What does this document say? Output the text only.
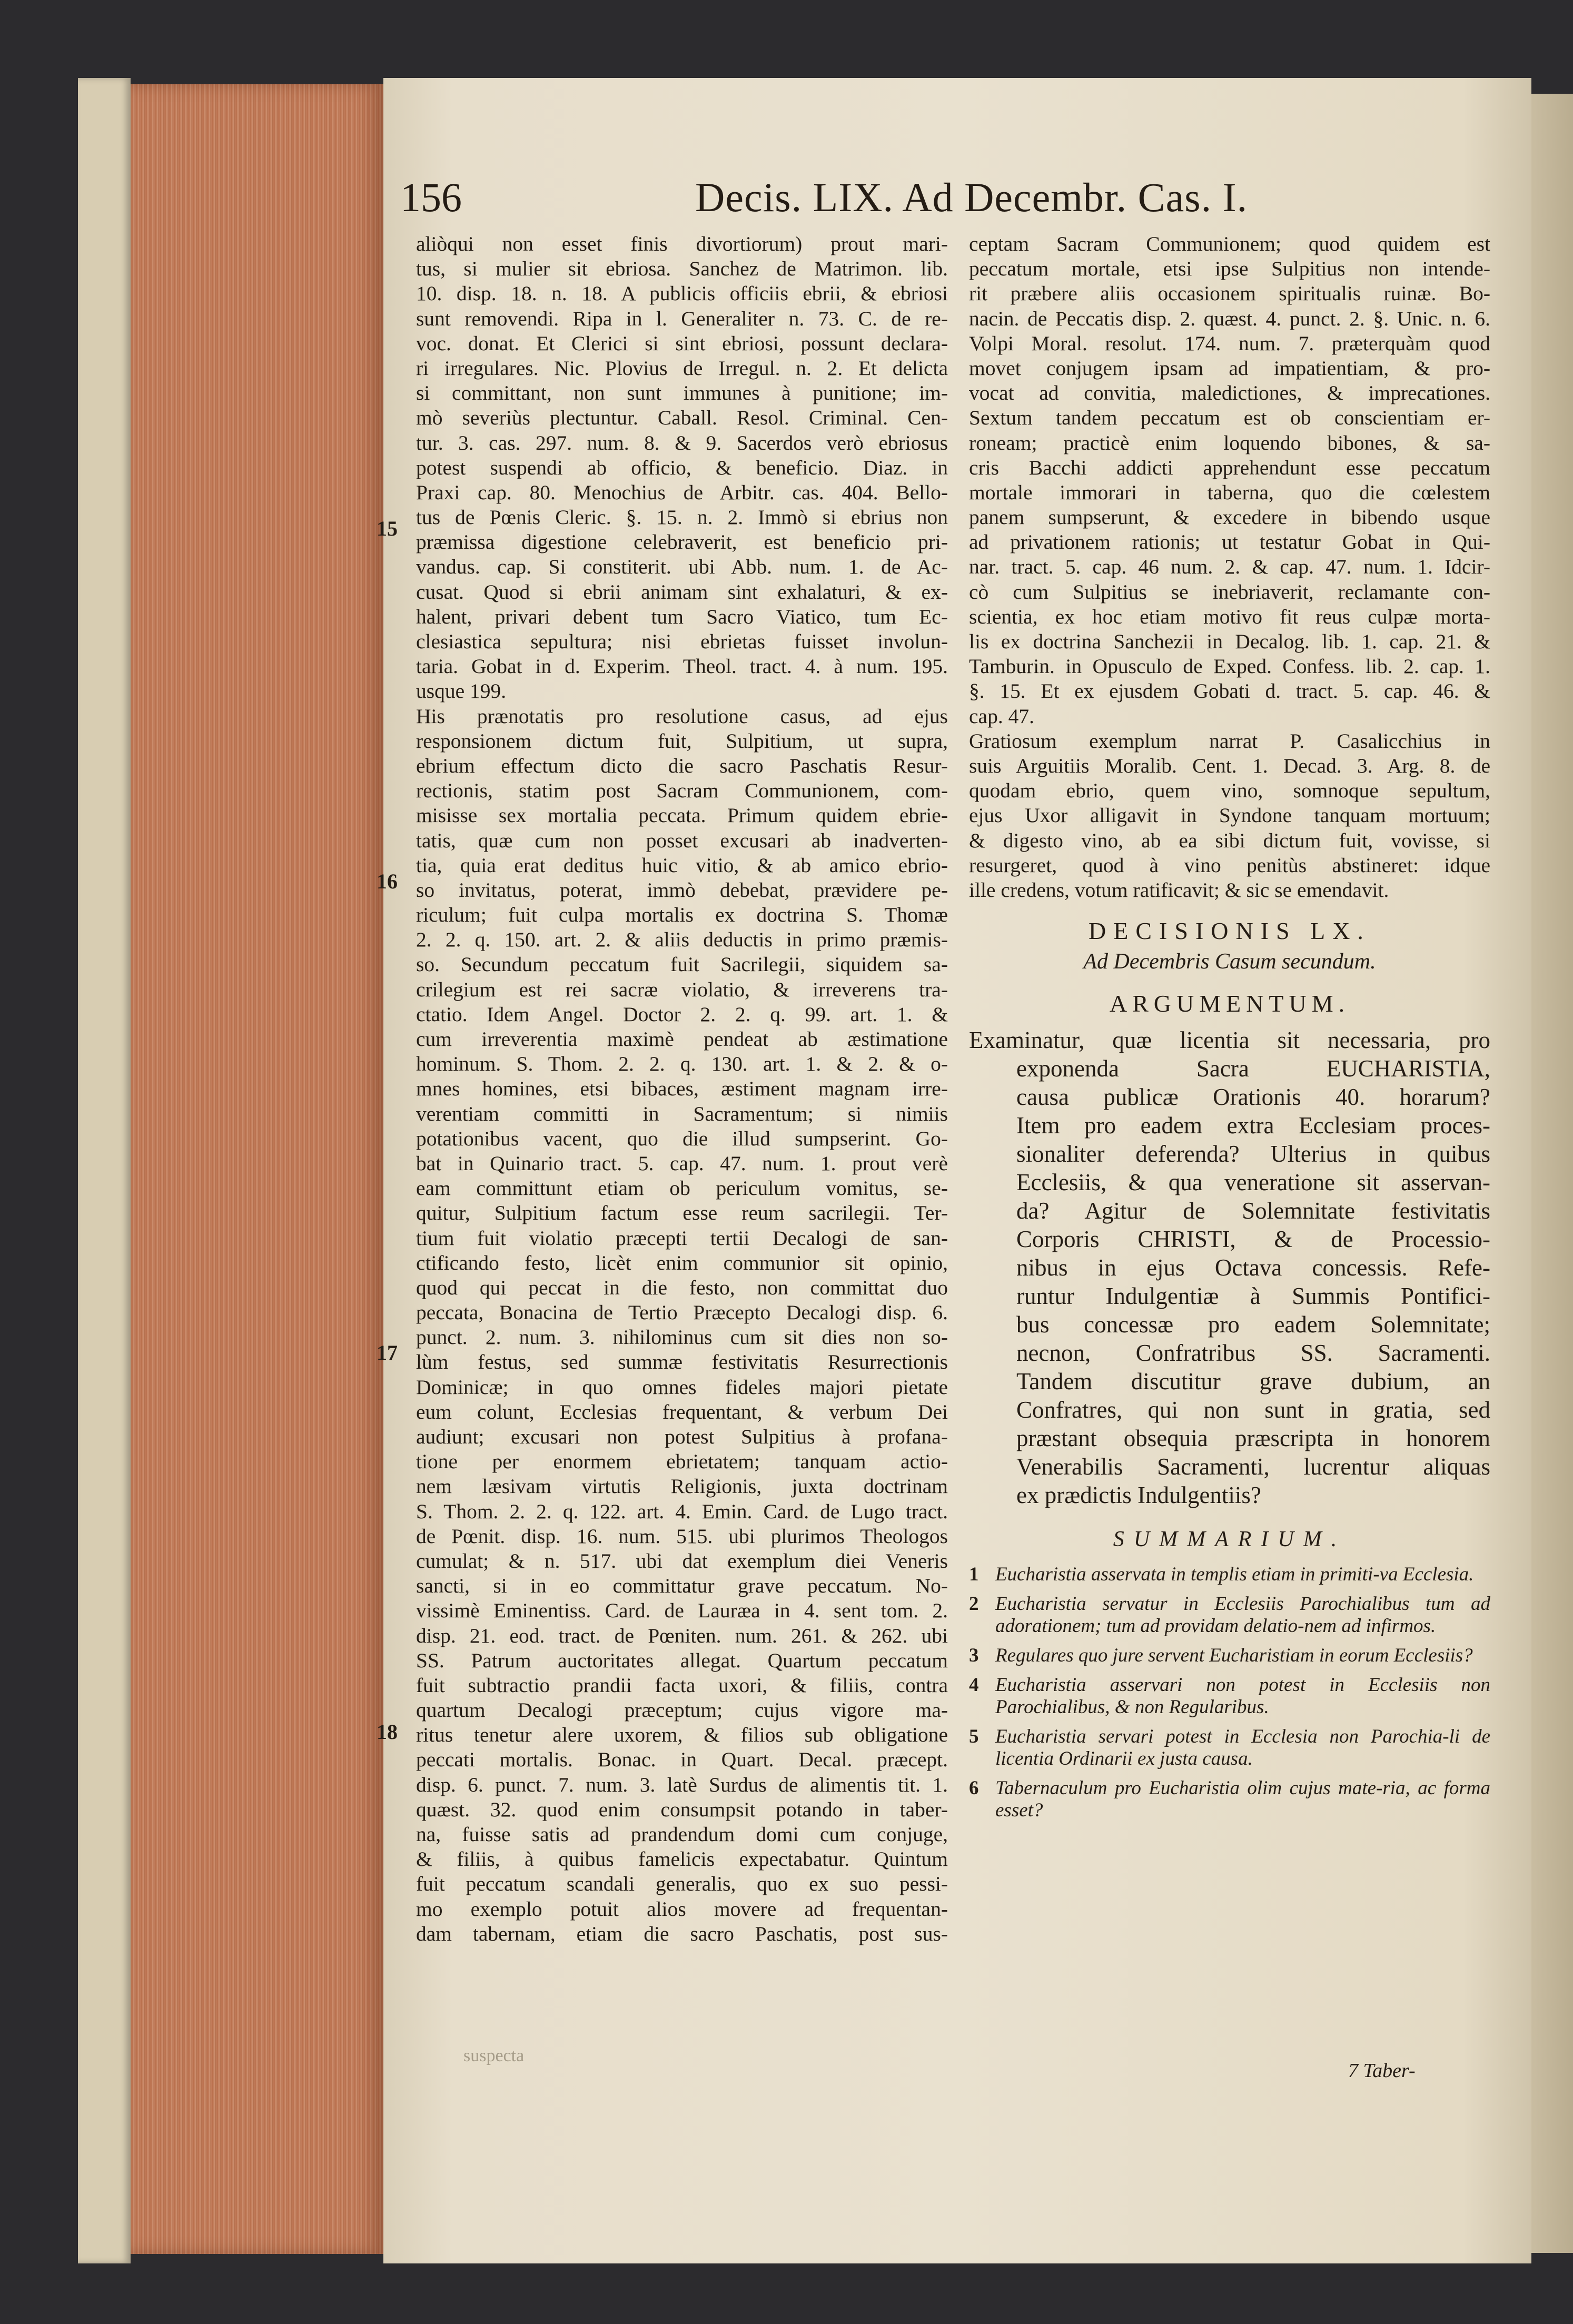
156	Decis. LIX. Ad Decembr. Cas. I.
aliòqui non esset finis divortiorum) prout mari-
tus, si mulier sit ebriosa. Sanchez de Matrimon. lib.
10. disp. 18. n. 18. A publicis officiis ebrii, & ebriosi
sunt removendi. Ripa in l. Generaliter n. 73. C. de re-
voc. donat. Et Clerici si sint ebriosi, possunt declara-
ri irregulares. Nic. Plovius de Irregul. n. 2. Et delicta
si committant, non sunt immunes à punitione; im-
mò severiùs plectuntur. Caball. Resol. Criminal. Cen-
tur. 3. cas. 297. num. 8. & 9. Sacerdos verò ebriosus
potest suspendi ab officio, & beneficio. Diaz. in
Praxi cap. 80. Menochius de Arbitr. cas. 404. Bello-
tus de Pœnis Cleric. §. 15. n. 2. Immò si ebrius non
præmissa digestione celebraverit, est beneficio pri-
vandus. cap. Si constiterit. ubi Abb. num. 1. de Ac-
cusat. Quod si ebrii animam sint exhalaturi, & ex-
halent, privari debent tum Sacro Viatico, tum Ec-
clesiastica sepultura; nisi ebrietas fuisset involun-
taria. Gobat in d. Experim. Theol. tract. 4. à num. 195.
usque 199.
His prænotatis pro resolutione casus, ad ejus
responsionem dictum fuit, Sulpitium, ut supra,
ebrium effectum dicto die sacro Paschatis Resur-
rectionis, statim post Sacram Communionem, com-
misisse sex mortalia peccata. Primum quidem ebrie-
tatis, quæ cum non posset excusari ab inadverten-
tia, quia erat deditus huic vitio, & ab amico ebrio-
so invitatus, poterat, immò debebat, prævidere pe-
riculum; fuit culpa mortalis ex doctrina S. Thomæ
2. 2. q. 150. art. 2. & aliis deductis in primo præmis-
so. Secundum peccatum fuit Sacrilegii, siquidem sa-
crilegium est rei sacræ violatio, & irreverens tra-
ctatio. Idem Angel. Doctor 2. 2. q. 99. art. 1. &
cum irreverentia maximè pendeat ab æstimatione
hominum. S. Thom. 2. 2. q. 130. art. 1. & 2. & o-
mnes homines, etsi bibaces, æstiment magnam irre-
verentiam committi in Sacramentum; si nimiis
potationibus vacent, quo die illud sumpserint. Go-
bat in Quinario tract. 5. cap. 47. num. 1. prout verè
eam committunt etiam ob periculum vomitus, se-
quitur, Sulpitium factum esse reum sacrilegii. Ter-
tium fuit violatio præcepti tertii Decalogi de san-
ctificando festo, licèt enim communior sit opinio,
quod qui peccat in die festo, non committat duo
peccata, Bonacina de Tertio Præcepto Decalogi disp. 6.
punct. 2. num. 3. nihilominus cum sit dies non so-
lùm festus, sed summæ festivitatis Resurrectionis
Dominicæ; in quo omnes fideles majori pietate
eum colunt, Ecclesias frequentant, & verbum Dei
audiunt; excusari non potest Sulpitius à profana-
tione per enormem ebrietatem; tanquam actio-
nem læsivam virtutis Religionis, juxta doctrinam
S. Thom. 2. 2. q. 122. art. 4. Emin. Card. de Lugo tract.
de Pœnit. disp. 16. num. 515. ubi plurimos Theologos
cumulat; & n. 517. ubi dat exemplum diei Veneris
sancti, si in eo committatur grave peccatum. No-
vissimè Eminentiss. Card. de Lauræa in 4. sent tom. 2.
disp. 21. eod. tract. de Pœniten. num. 261. & 262. ubi
SS. Patrum auctoritates allegat. Quartum peccatum
fuit subtractio prandii facta uxori, & filiis, contra
quartum Decalogi præceptum; cujus vigore ma-
ritus tenetur alere uxorem, & filios sub obligatione
peccati mortalis. Bonac. in Quart. Decal. præcept.
disp. 6. punct. 7. num. 3. latè Surdus de alimentis tit. 1.
quæst. 32. quod enim consumpsit potando in taber-
na, fuisse satis ad prandendum domi cum conjuge,
& filiis, à quibus famelicis expectabatur. Quintum
fuit peccatum scandali generalis, quo ex suo pessi-
mo exemplo potuit alios movere ad frequentan-
dam tabernam, etiam die sacro Paschatis, post sus-
15
16
17
18
suspecta
ceptam Sacram Communionem; quod quidem est
peccatum mortale, etsi ipse Sulpitius non intende-
rit præbere aliis occasionem spiritualis ruinæ. Bo-
nacin. de Peccatis disp. 2. quæst. 4. punct. 2. §. Unic. n. 6.
Volpi Moral. resolut. 174. num. 7. præterquàm quod
movet conjugem ipsam ad impatientiam, & pro-
vocat ad convitia, maledictiones, & imprecationes.
Sextum tandem peccatum est ob conscientiam er-
roneam; practicè enim loquendo bibones, & sa-
cris Bacchi addicti apprehendunt esse peccatum
mortale immorari in taberna, quo die cœlestem
panem sumpserunt, & excedere in bibendo usque
ad privationem rationis; ut testatur Gobat in Qui-
nar. tract. 5. cap. 46 num. 2. & cap. 47. num. 1. Idcir-
cò cum Sulpitius se inebriaverit, reclamante con-
scientia, ex hoc etiam motivo fit reus culpæ morta-
lis ex doctrina Sanchezii in Decalog. lib. 1. cap. 21. &
Tamburin. in Opusculo de Exped. Confess. lib. 2. cap. 1.
§. 15. Et ex ejusdem Gobati d. tract. 5. cap. 46. &
cap. 47.
Gratiosum exemplum narrat P. Casalicchius in
suis Arguitiis Moralib. Cent. 1. Decad. 3. Arg. 8. de
quodam ebrio, quem vino, somnoque sepultum,
ejus Uxor alligavit in Syndone tanquam mortuum;
& digesto vino, ab ea sibi dictum fuit, vovisse, si
resurgeret, quod à vino penitùs abstineret: idque
ille credens, votum ratificavit; & sic se emendavit.
DECISIONIS LX.
Ad Decembris Casum secundum.
ARGUMENTUM.
Examinatur, quæ licentia sit necessaria, pro
exponenda Sacra EUCHARISTIA,
causa publicæ Orationis 40. horarum?
Item pro eadem extra Ecclesiam proces-
sionaliter deferenda? Ulterius in quibus
Ecclesiis, & qua veneratione sit asservan-
da? Agitur de Solemnitate festivitatis
Corporis CHRISTI, & de Processio-
nibus in ejus Octava concessis. Refe-
runtur Indulgentiæ à Summis Pontifici-
bus concessæ pro eadem Solemnitate;
necnon, Confratribus SS. Sacramenti.
Tandem discutitur grave dubium, an
Confratres, qui non sunt in gratia, sed
præstant obsequia præscripta in honorem
Venerabilis Sacramenti, lucrentur aliquas
ex prædictis Indulgentiis?
SUMMARIUM.
1 Eucharistia asservata in templis etiam in primiti-va Ecclesia.
2 Eucharistia servatur in Ecclesiis Parochialibus tum ad adorationem; tum ad providam delatio-nem ad infirmos.
3 Regulares quo jure servent Eucharistiam in eorum Ecclesiis?
4 Eucharistia asservari non potest in Ecclesiis non Parochialibus, & non Regularibus.
5 Eucharistia servari potest in Ecclesia non Parochia-li de licentia Ordinarii ex justa causa.
6 Tabernaculum pro Eucharistia olim cujus mate-ria, ac forma esset?
7 Taber-
